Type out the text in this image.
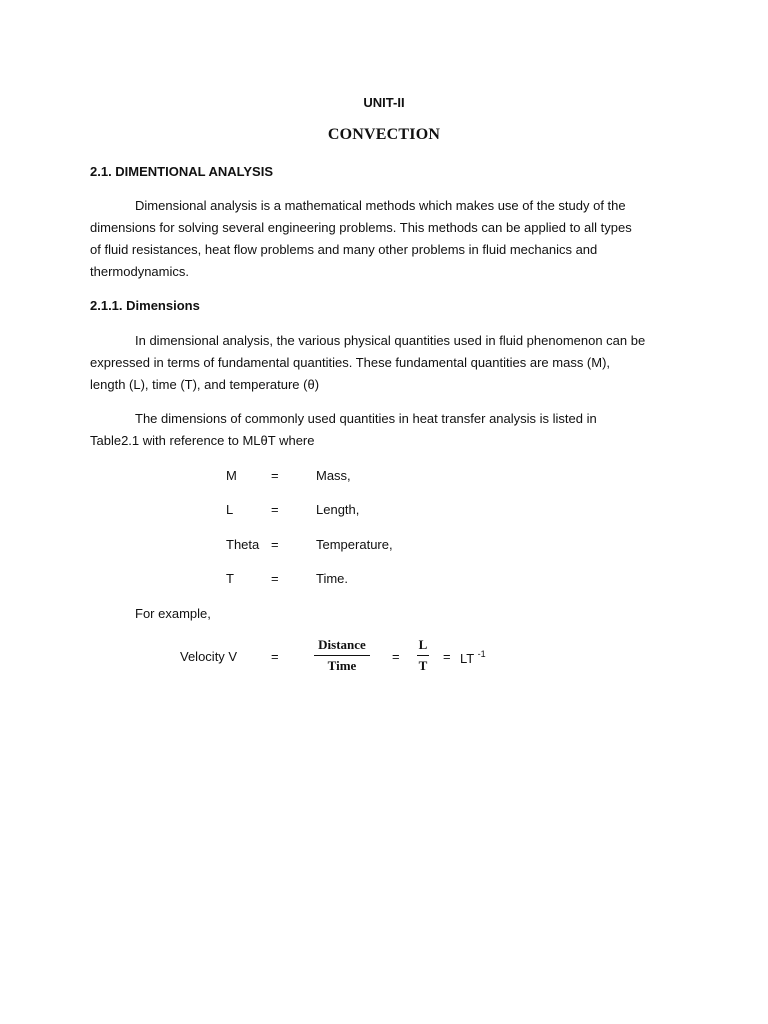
UNIT-II
CONVECTION
2.1. DIMENTIONAL ANALYSIS
Dimensional analysis is a mathematical methods which makes use of the study of the
dimensions for solving several engineering problems. This methods can be applied to all types
of fluid resistances, heat flow problems and many other problems in fluid mechanics and
thermodynamics.
2.1.1. Dimensions
In dimensional analysis, the various physical quantities used in fluid phenomenon can be
expressed in terms of fundamental quantities. These fundamental quantities are mass (M),
length (L), time (T), and temperature (θ)
The dimensions of commonly used quantities in heat transfer analysis is listed in
Table2.1 with reference to MLθT where
M	=	Mass,
L	=	Length,
Theta =	Temperature,
T	=	Time.
For example,
Velocity V	=
Distance
Time
=
L
T
= LT $^{-1}$
